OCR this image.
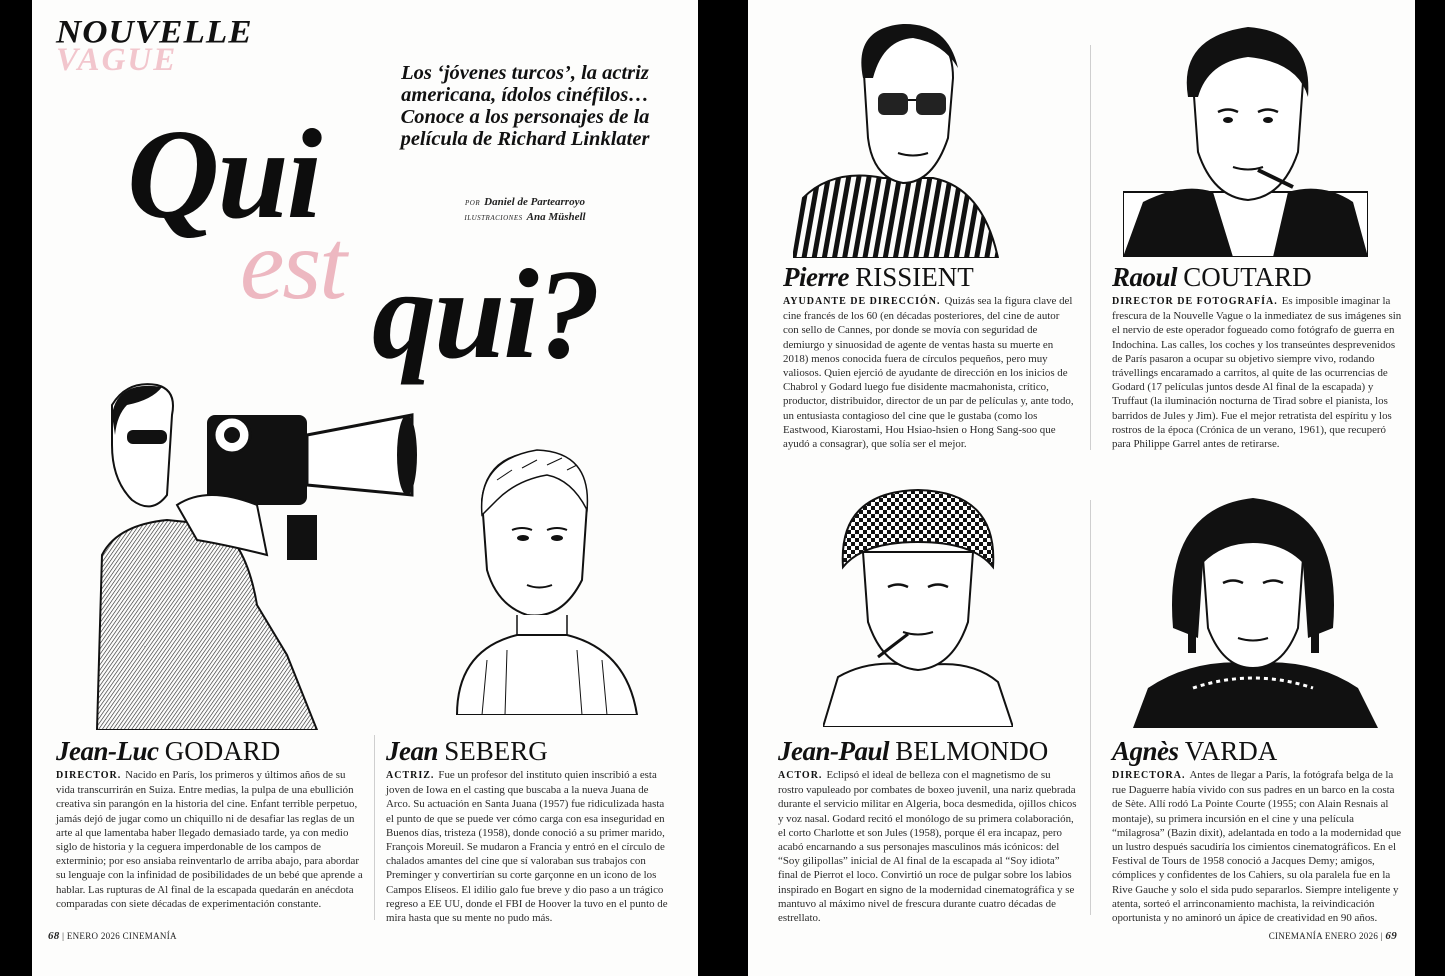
NOUVELLE
VAGUE
Qui
est qui?
Los ‘jóvenes turcos’, la actriz americana, ídolos cinéfilos… Conoce a los personajes de la película de Richard Linklater
POR Daniel de Partearroyo
ILUSTRACIONES Ana Müshell
Jean-Luc GODARD
DIRECTOR. Nacido en París, los primeros y últimos años de su vida transcurrirán en Suiza. Entre medias, la pulpa de una ebullición creativa sin parangón en la historia del cine. Enfant terrible perpetuo, jamás dejó de jugar como un chiquillo ni de desafiar las reglas de un arte al que lamentaba haber llegado demasiado tarde, ya con medio siglo de historia y la ceguera imperdonable de los campos de exterminio; por eso ansiaba reinventarlo de arriba abajo, para abordar su lenguaje con la infinidad de posibilidades de un bebé que aprende a hablar. Las rupturas de Al final de la escapada quedarán en anécdota comparadas con siete décadas de experimentación constante.
Jean SEBERG
ACTRIZ. Fue un profesor del instituto quien inscribió a esta joven de Iowa en el casting que buscaba a la nueva Juana de Arco. Su actuación en Santa Juana (1957) fue ridiculizada hasta el punto de que se puede ver cómo carga con esa inseguridad en Buenos días, tristeza (1958), donde conoció a su primer marido, François Moreuil. Se mudaron a Francia y entró en el círculo de chalados amantes del cine que sí valoraban sus trabajos con Preminger y convertirían su corte garçonne en un icono de los Campos Elíseos. El idilio galo fue breve y dio paso a un trágico regreso a EE UU, donde el FBI de Hoover la tuvo en el punto de mira hasta que su mente no pudo más.
68 | ENERO 2026 CINEMANÍA
Pierre RISSIENT
AYUDANTE DE DIRECCIÓN. Quizás sea la figura clave del cine francés de los 60 (en décadas posteriores, del cine de autor con sello de Cannes, por donde se movía con seguridad de demiurgo y sinuosidad de agente de ventas hasta su muerte en 2018) menos conocida fuera de círculos pequeños, pero muy valiosos. Quien ejerció de ayudante de dirección en los inicios de Chabrol y Godard luego fue disidente macmahonista, crítico, productor, distribuidor, director de un par de películas y, ante todo, un entusiasta contagioso del cine que le gustaba (como los Eastwood, Kiarostami, Hou Hsiao-hsien o Hong Sang-soo que ayudó a consagrar), que solía ser el mejor.
Raoul COUTARD
DIRECTOR DE FOTOGRAFÍA. Es imposible imaginar la frescura de la Nouvelle Vague o la inmediatez de sus imágenes sin el nervio de este operador fogueado como fotógrafo de guerra en Indochina. Las calles, los coches y los transeúntes desprevenidos de París pasaron a ocupar su objetivo siempre vivo, rodando trávellings encaramado a carritos, al quite de las ocurrencias de Godard (17 películas juntos desde Al final de la escapada) y Truffaut (la iluminación nocturna de Tirad sobre el pianista, los barridos de Jules y Jim). Fue el mejor retratista del espíritu y los rostros de la época (Crónica de un verano, 1961), que recuperó para Philippe Garrel antes de retirarse.
Jean-Paul BELMONDO
ACTOR. Eclipsó el ideal de belleza con el magnetismo de su rostro vapuleado por combates de boxeo juvenil, una nariz quebrada durante el servicio militar en Algeria, boca desmedida, ojillos chicos y voz nasal. Godard recitó el monólogo de su primera colaboración, el corto Charlotte et son Jules (1958), porque él era incapaz, pero acabó encarnando a sus personajes masculinos más icónicos: del “Soy gilipollas” inicial de Al final de la escapada al “Soy idiota” final de Pierrot el loco. Convirtió un roce de pulgar sobre los labios inspirado en Bogart en signo de la modernidad cinematográfica y se mantuvo al máximo nivel de frescura durante cuatro décadas de estrellato.
Agnès VARDA
DIRECTORA. Antes de llegar a París, la fotógrafa belga de la rue Daguerre había vivido con sus padres en un barco en la costa de Sète. Allí rodó La Pointe Courte (1955; con Alain Resnais al montaje), su primera incursión en el cine y una película “milagrosa” (Bazin dixit), adelantada en todo a la modernidad que un lustro después sacudiría los cimientos cinematográficos. En el Festival de Tours de 1958 conoció a Jacques Demy; amigos, cómplices y confidentes de los Cahiers, su ola paralela fue en la Rive Gauche y solo el sida pudo separarlos. Siempre inteligente y atenta, sorteó el arrinconamiento machista, la reivindicación oportunista y no aminoró un ápice de creatividad en 90 años.
CINEMANÍA ENERO 2026 | 69
